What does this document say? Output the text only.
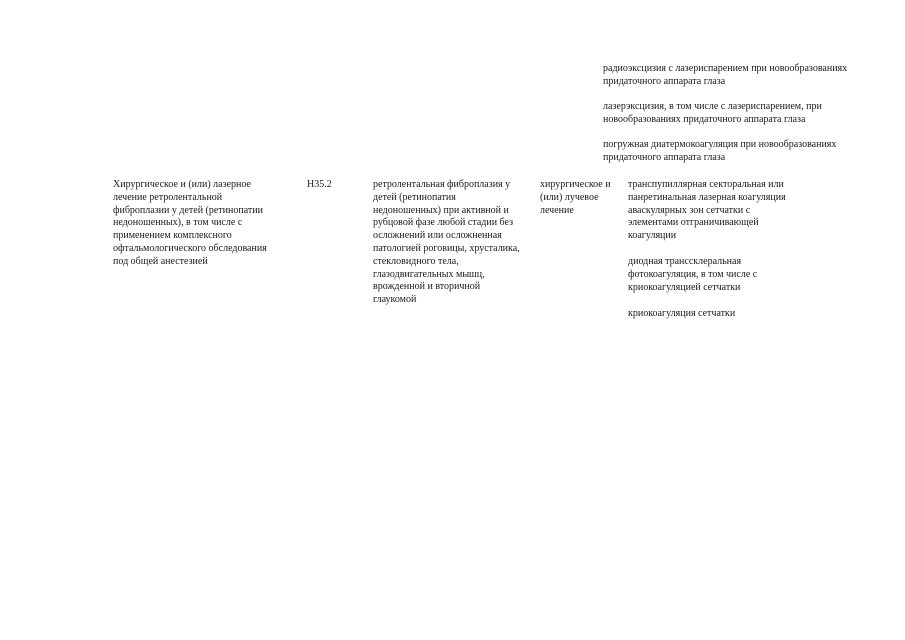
радиоэксцизия с лазериспарением при новообразованиях
придаточного аппарата глаза

лазерэксцизия, в том числе с лазериспарением, при
новообразованиях придаточного аппарата глаза

погружная диатермокоагуляция при новообразованиях
придаточного аппарата глаза

Хирургическое и (или) лазерное
лечение ретролентальной
фиброплазии у детей (ретинопатии
недоношенных), в том числе с
применением комплексного
офтальмологического обследования
под общей анестезией

H35.2	ретролентальная фиброплазия у
детей (ретинопатия
недоношенных) при активной и
рубцовой фазе любой стадии без
осложнений или осложненная
патологией роговицы, хрусталика,
стекловидного тела,
глазодвигательных мышц,
врожденной и вторичной
глаукомой

хирургическое и
(или) лучевое
лечение

транспупиллярная секторальная или
панретинальная лазерная коагуляция
аваскулярных зон сетчатки с
элементами отграничивающей
коагуляции

диодная транссклеральная
фотокоагуляция, в том числе с
криокоагуляцией сетчатки

криокоагуляция сетчатки
